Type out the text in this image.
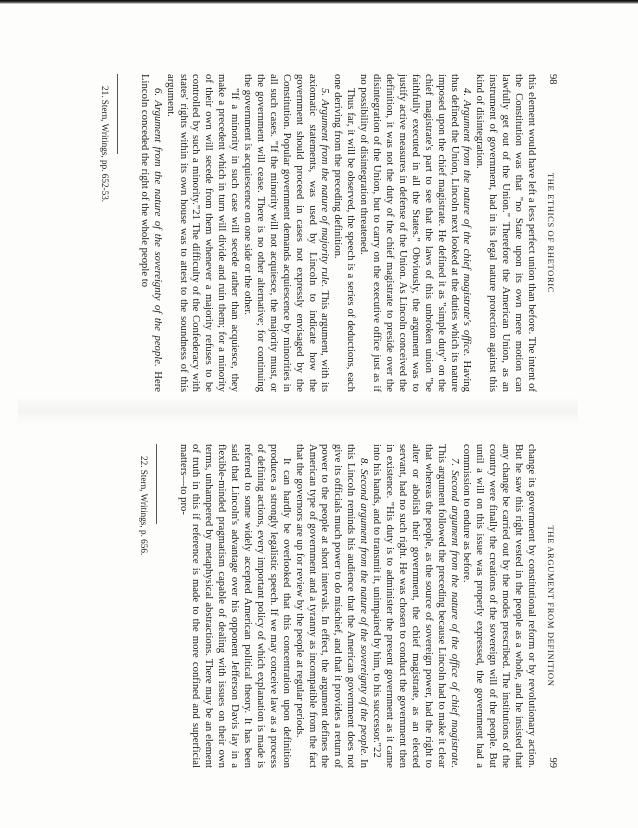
98
THE ETHICS OF RHETORIC

this element would have left a less perfect union than before. The intent of the Constitution was that "no State upon its own mere motion can lawfully get out of the Union." Therefore the American Union, as an instrument of government, had in its legal nature protection against this kind of disintegration.

4. Argument from the nature of the chief magistrate's office. Having thus defined the Union, Lincoln next looked at the duties which its nature imposed upon the chief magistrate. He defined it as "simple duty" on the chief magistrate's part to see that the laws of this unbroken union "be faithfully executed in all the States." Obviously, the argument was to justify active measures in defense of the Union. As Lincoln conceived the definition, it was not the duty of the chief magistrate to preside over the disintegration of the Union, but to carry on the executive office just as if no possibility of disintegration threatened.

Thus far, it will be observed, the speech is a series of deductions, each one deriving from the preceding definition.

5. Argument from the nature of majority rule. This argument, with its axiomatic statements, was used by Lincoln to indicate how the government should proceed in cases not expressly envisaged by the Constitution. Popular government demands acquiescence by minorities in all such cases. "If the minority will not acquiesce, the majority must, or the government will cease. There is no other alternative; for continuing the government is acquiescence on one side or the other.

"If a minority in such case will secede rather than acquiesce, they make a precedent which in turn will divide and ruin them; for a minority of their own will secede from them whenever a majority refuses to be controlled by such a minority."21 The difficulty of the Confederacy with states' rights within its own house was to attest to the soundness of this argument.

6. Argument from the nature of the sovereignty of the people. Here Lincoln conceded the right of the whole people to

21. Stern, Writings, pp. 652-53.

THE ARGUMENT FROM DEFINITION
99

change its government by constitutional reform or by revolutionary action. But he saw this right vested in the people as a whole, and he insisted that any change be carried out by the modes prescribed. The institutions of the country were finally the creations of the sovereign will of the people. But until a will on this issue was properly expressed, the government had a commission to endure as before.

7. Second argument from the nature of the office of chief magistrate. This argument followed the preceding because Lincoln had to make it clear that whereas the people, as the source of sovereign power, had the right to alter or abolish their government, the chief magistrate, as an elected servant, had no such right. He was chosen to conduct the government then in existence. "His duty is to administer the present government as it came into his hands, and to transmit it, unimpaired by him, to his successor."22

8. Second argument from the nature of the sovereignty of the people. In this Lincoln reminds his audience that the American government does not give its officials much power to do mischief, and that it provides a return of power to the people at short intervals. In effect, the argument defines the American type of government and a tyranny as incompatible from the fact that the governors are up for review by the people at regular periods.

It can hardly be overlooked that this concentration upon definition produces a strongly legalistic speech. If we may conceive law as a process of defining actions, every important policy of which explanation is made is referred to some widely accepted American political theory. It has been said that Lincoln's advantage over his opponent Jefferson Davis lay in a flexible-minded pragmatism capable of dealing with issues on their own terms, unhampered by metaphysical abstractions. There may be an element of truth in this if reference is made to the more confined and superficial matters—to pro-

22. Stern, Writings, p. 656.
